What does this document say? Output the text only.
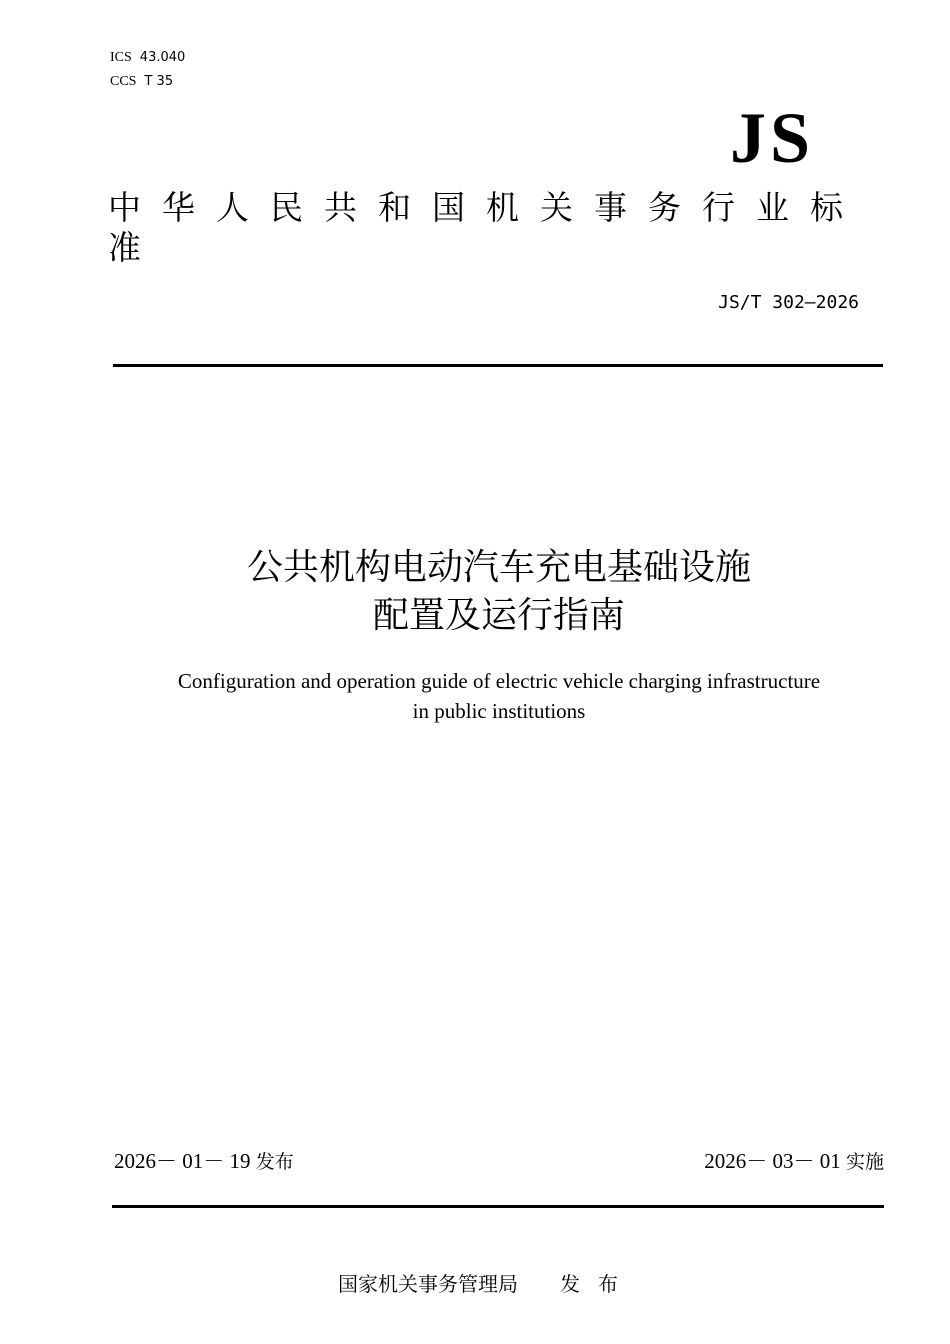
ICS 43.040
CCS T 35
JS
中华人民共和国机关事务行业标准
JS/T 302—2026
公共机构电动汽车充电基础设施
配置及运行指南
Configuration and operation guide of electric vehicle charging infrastructure
in public institutions
2026－ 01－ 19 发布	2026－ 03－ 01 实施
国家机关事务管理局 发布
